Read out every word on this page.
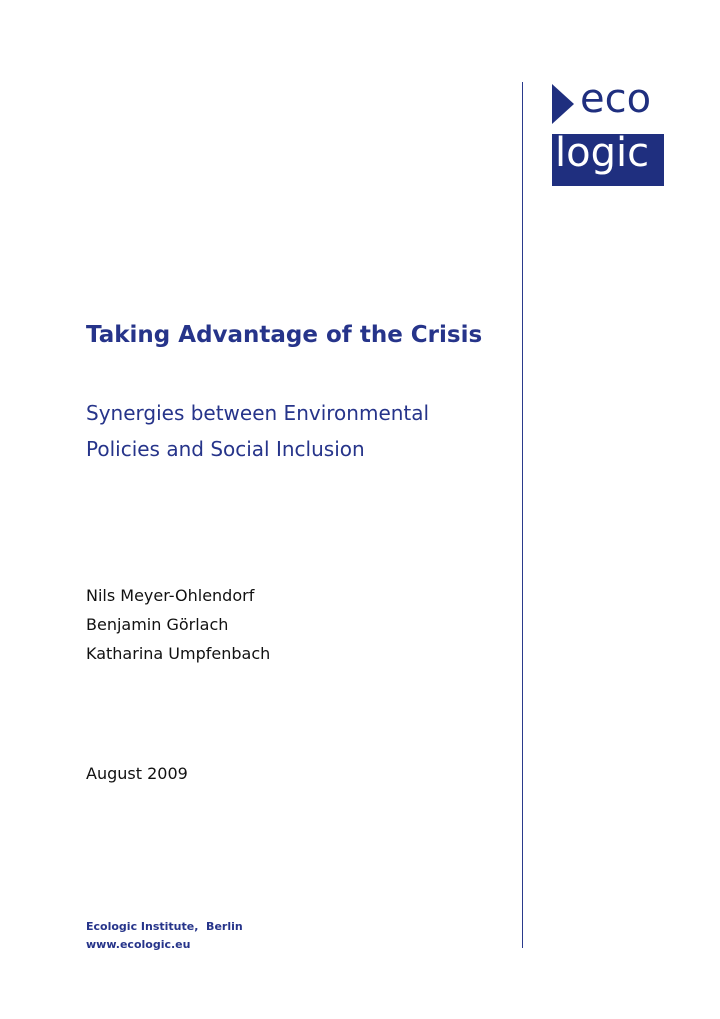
eco
logic
Taking Advantage of the Crisis
Synergies between Environmental
Policies and Social Inclusion
Nils Meyer-Ohlendorf
Benjamin Görlach
Katharina Umpfenbach
August 2009
Ecologic Institute,  Berlin
www.ecologic.eu
